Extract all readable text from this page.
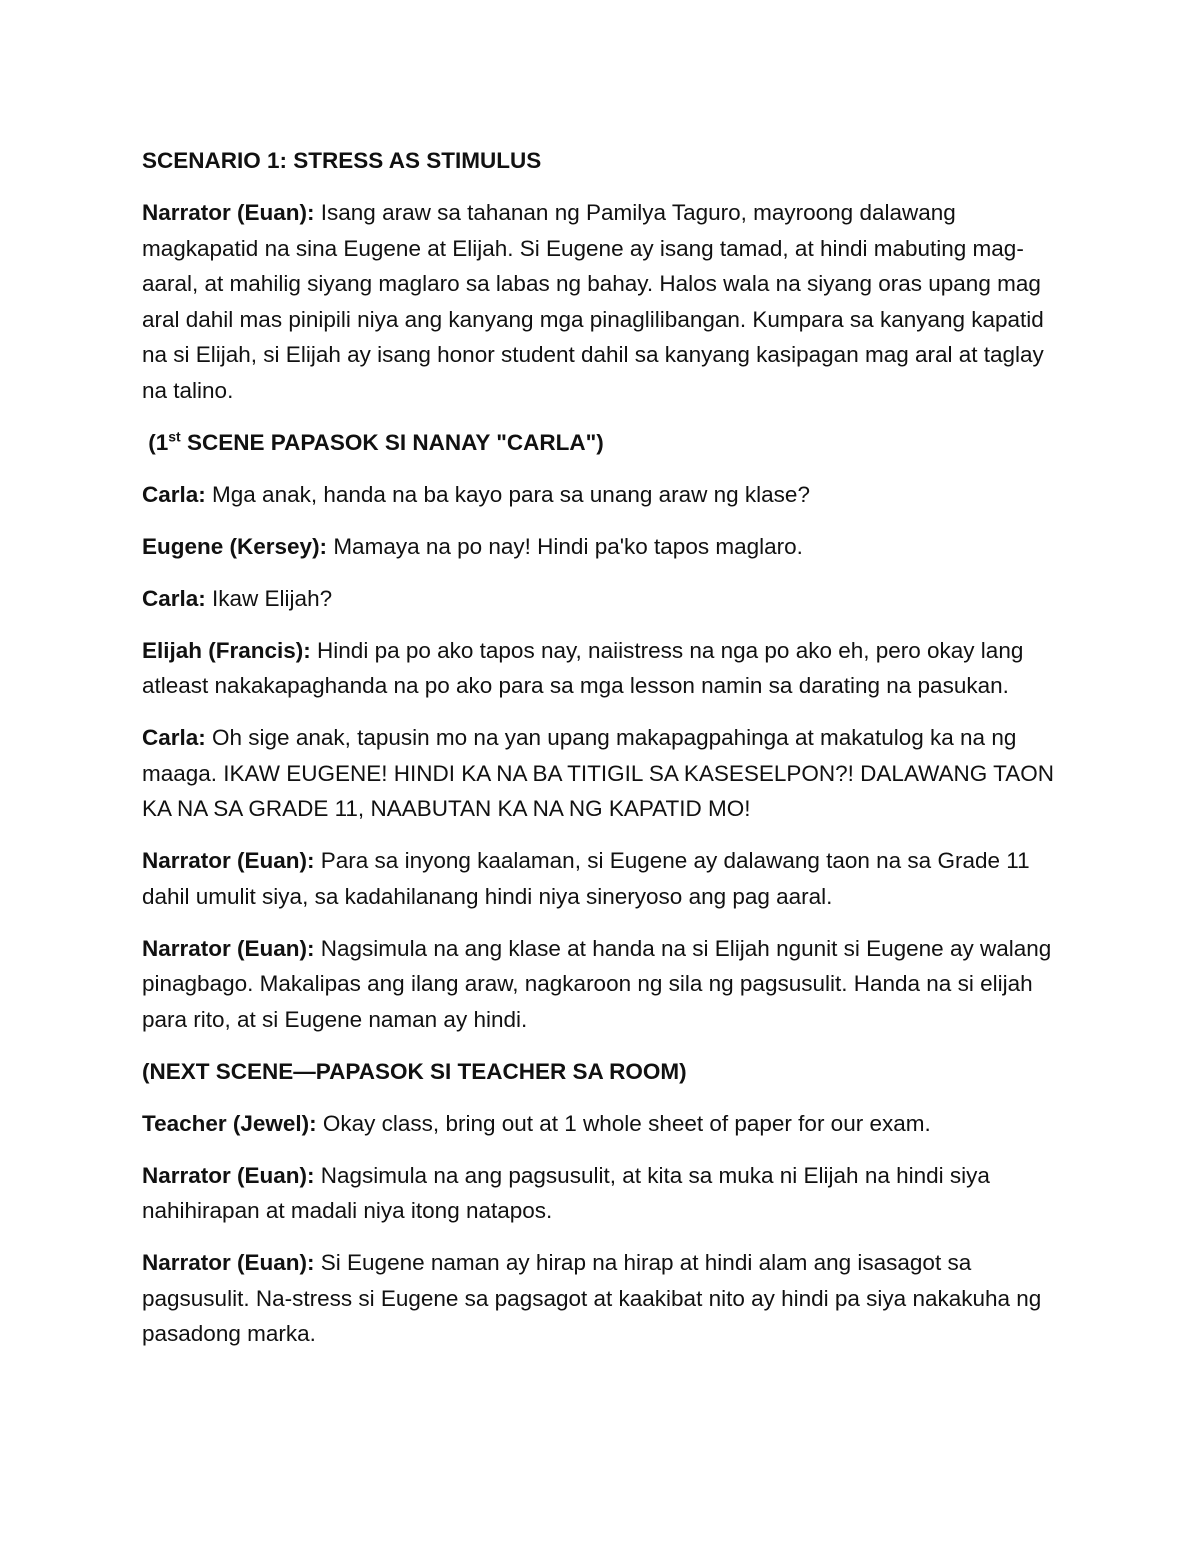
SCENARIO 1: STRESS AS STIMULUS

Narrator (Euan): Isang araw sa tahanan ng Pamilya Taguro, mayroong dalawang magkapatid na sina Eugene at Elijah. Si Eugene ay isang tamad, at hindi mabuting mag-aaral, at mahilig siyang maglaro sa labas ng bahay. Halos wala na siyang oras upang mag aral dahil mas pinipili niya ang kanyang mga pinaglilibangan. Kumpara sa kanyang kapatid na si Elijah, si Elijah ay isang honor student dahil sa kanyang kasipagan mag aral at taglay na talino.

(1st SCENE PAPASOK SI NANAY "CARLA")

Carla: Mga anak, handa na ba kayo para sa unang araw ng klase?

Eugene (Kersey): Mamaya na po nay! Hindi pa'ko tapos maglaro.

Carla: Ikaw Elijah?

Elijah (Francis): Hindi pa po ako tapos nay, naiistress na nga po ako eh, pero okay lang atleast nakakapaghanda na po ako para sa mga lesson namin sa darating na pasukan.

Carla: Oh sige anak, tapusin mo na yan upang makapagpahinga at makatulog ka na ng maaga. IKAW EUGENE! HINDI KA NA BA TITIGIL SA KASESELPON?! DALAWANG TAON KA NA SA GRADE 11, NAABUTAN KA NA NG KAPATID MO!

Narrator (Euan): Para sa inyong kaalaman, si Eugene ay dalawang taon na sa Grade 11 dahil umulit siya, sa kadahilanang hindi niya sineryoso ang pag aaral.

Narrator (Euan): Nagsimula na ang klase at handa na si Elijah ngunit si Eugene ay walang pinagbago. Makalipas ang ilang araw, nagkaroon ng sila ng pagsusulit. Handa na si elijah para rito, at si Eugene naman ay hindi.

(NEXT SCENE—PAPASOK SI TEACHER SA ROOM)

Teacher (Jewel): Okay class, bring out at 1 whole sheet of paper for our exam.

Narrator (Euan): Nagsimula na ang pagsusulit, at kita sa muka ni Elijah na hindi siya nahihirapan at madali niya itong natapos.

Narrator (Euan): Si Eugene naman ay hirap na hirap at hindi alam ang isasagot sa pagsusulit. Na-stress si Eugene sa pagsagot at kaakibat nito ay hindi pa siya nakakuha ng pasadong marka.
